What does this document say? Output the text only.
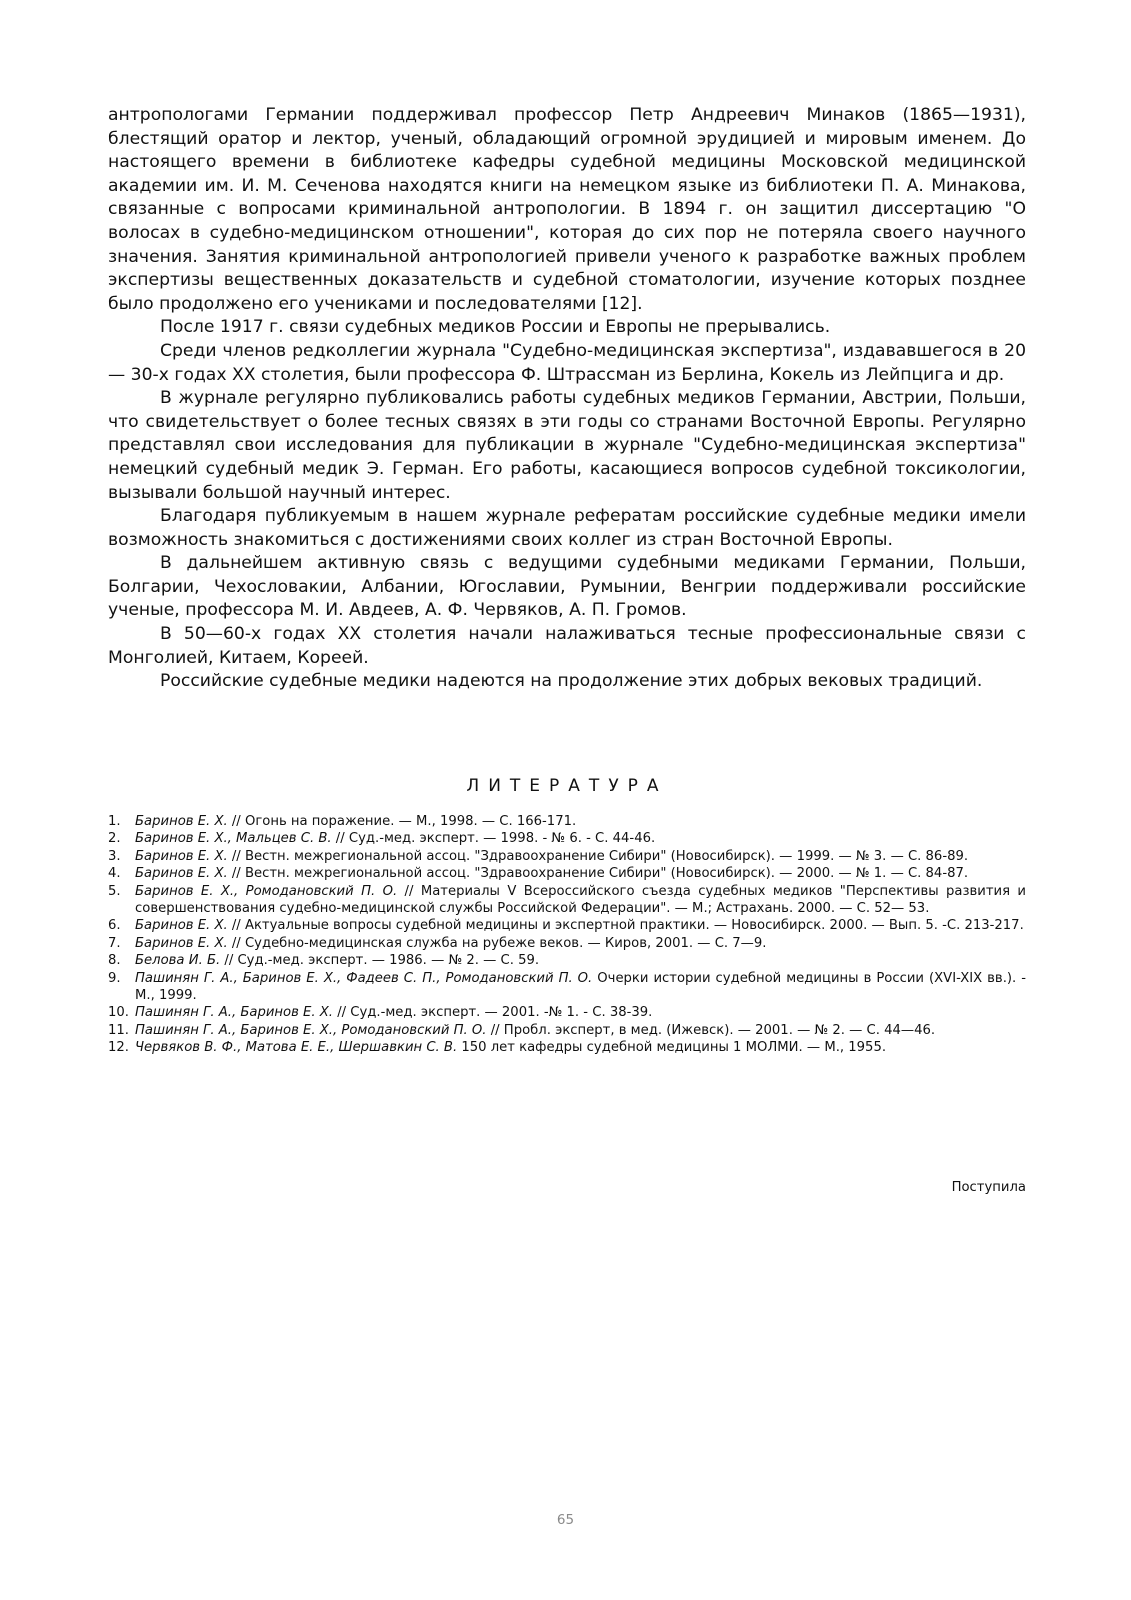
антропологами Германии поддерживал профессор Петр Андреевич Минаков (1865—1931), блестящий оратор и лектор, ученый, обладающий огромной эрудицией и мировым именем. До настоящего времени в библиотеке кафедры судебной медицины Московской медицинской академии им. И. М. Сеченова находятся книги на немецком языке из библиотеки П. А. Минакова, связанные с вопросами криминальной антропологии. В 1894 г. он защитил диссертацию "О волосах в судебно-медицинском отношении", которая до сих пор не потеряла своего научного значения. Занятия криминальной антропологией привели ученого к разработке важных проблем экспертизы вещественных доказательств и судебной стоматологии, изучение которых позднее было продолжено его учениками и последователями [12].

После 1917 г. связи судебных медиков России и Европы не прерывались.

Среди членов редколлегии журнала "Судебно-медицинская экспертиза", издававшегося в 20— 30-х годах XX столетия, были профессора Ф. Штрассман из Берлина, Кокель из Лейпцига и др.

В журнале регулярно публиковались работы судебных медиков Германии, Австрии, Польши, что свидетельствует о более тесных связях в эти годы со странами Восточной Европы. Регулярно представлял свои исследования для публикации в журнале "Судебно-медицинская экспертиза" немецкий судебный медик Э. Герман. Его работы, касающиеся вопросов судебной токсикологии, вызывали большой научный интерес.

Благодаря публикуемым в нашем журнале рефератам российские судебные медики имели возможность знакомиться с достижениями своих коллег из стран Восточной Европы.

В дальнейшем активную связь с ведущими судебными медиками Германии, Польши, Болгарии, Чехословакии, Албании, Югославии, Румынии, Венгрии поддерживали российские ученые, профессора М. И. Авдеев, А. Ф. Червяков, А. П. Громов.

В 50—60-х годах XX столетия начали налаживаться тесные профессиональные связи с Монголией, Китаем, Кореей.

Российские судебные медики надеются на продолжение этих добрых вековых традиций.

ЛИТЕРАТУРА
1. Баринов Е. Х. // Огонь на поражение. — М., 1998. — С. 166-171.
2. Баринов Е. Х., Мальцев С. В. // Суд.-мед. эксперт. — 1998. - № 6. - С. 44-46.
3. Баринов Е. Х. // Вестн. межрегиональной ассоц. "Здравоохранение Сибири" (Новосибирск). — 1999. — № 3. — С. 86-89.
4. Баринов Е. Х. // Вестн. межрегиональной ассоц. "Здравоохранение Сибири" (Новосибирск). — 2000. — № 1. — С. 84-87.
5. Баринов Е. Х., Ромодановский П. О. // Материалы V Всероссийского съезда судебных медиков "Перспективы развития и совершенствования судебно-медицинской службы Российской Федерации". — М.; Астрахань. 2000. — С. 52— 53.
6. Баринов Е. Х. // Актуальные вопросы судебной медицины и экспертной практики. — Новосибирск. 2000. — Вып. 5. -С. 213-217.
7. Баринов Е. Х. // Судебно-медицинская служба на рубеже веков. — Киров, 2001. — С. 7—9.
8. Белова И. Б. // Суд.-мед. эксперт. — 1986. — № 2. — С. 59.
9. Пашинян Г. А., Баринов Е. Х., Фадеев С. П., Ромодановский П. О. Очерки истории судебной медицины в России (XVI-XIX вв.). - М., 1999.
10. Пашинян Г. А., Баринов Е. Х. // Суд.-мед. эксперт. — 2001. -№ 1. - С. 38-39.
11. Пашинян Г. А., Баринов Е. Х., Ромодановский П. О. // Пробл. эксперт, в мед. (Ижевск). — 2001. — № 2. — С. 44—46.
12. Червяков В. Ф., Матова Е. Е., Шершавкин С. В. 150 лет кафедры судебной медицины 1 МОЛМИ. — М., 1955.
Поступила
65
